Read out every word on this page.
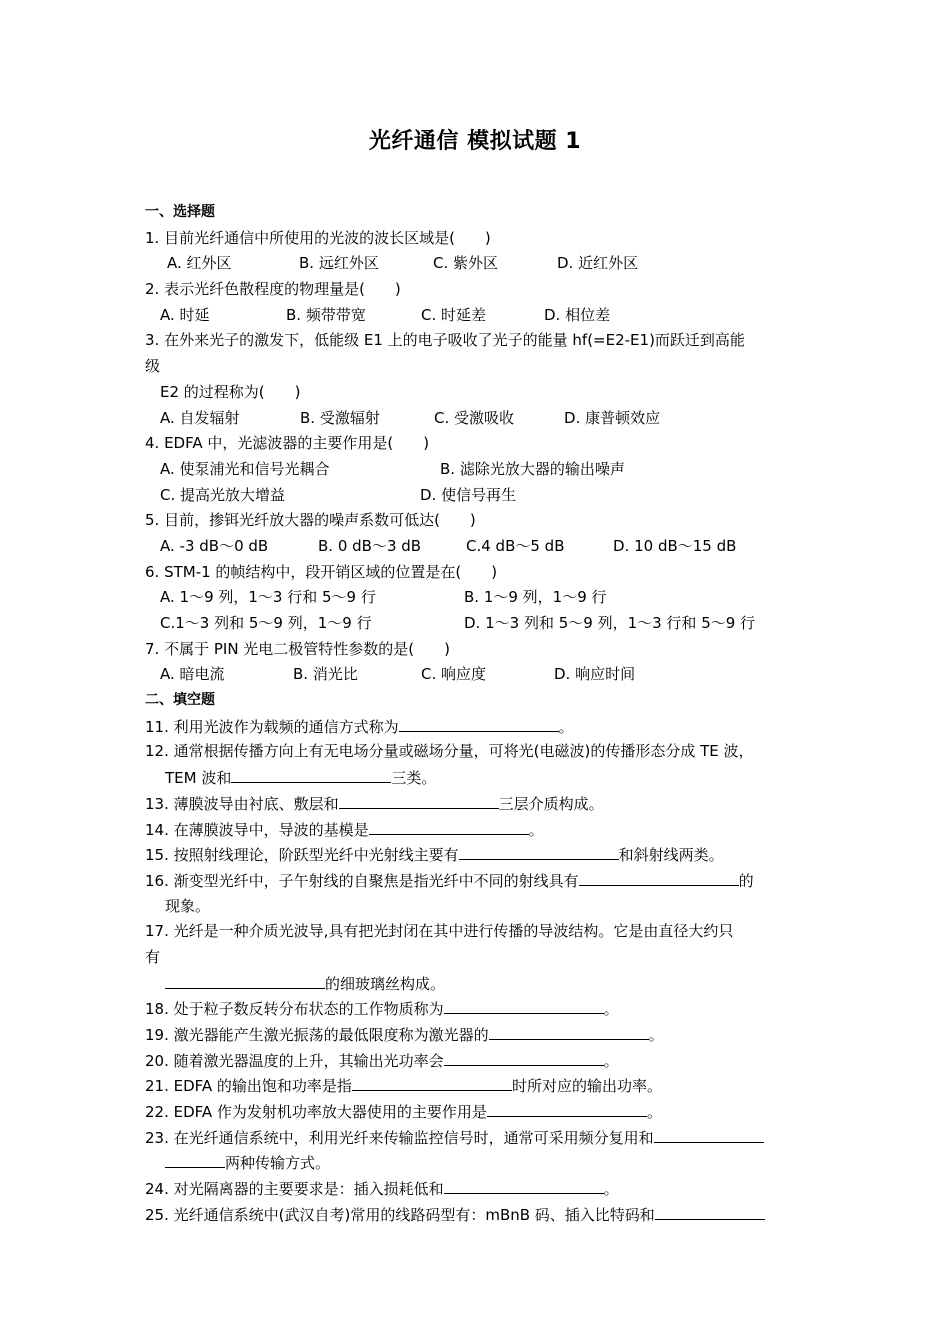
光纤通信 模拟试题 1
一、选择题
1. 目前光纤通信中所使用的光波的波长区域是(　　)
A. 红外区	B. 远红外区	C. 紫外区	D. 近红外区
2. 表示光纤色散程度的物理量是(　　)
A. 时延	B. 频带带宽	C. 时延差	D. 相位差
3. 在外来光子的激发下，低能级 E1 上的电子吸收了光子的能量 hf(=E2-E1)而跃迁到高能
级
E2 的过程称为(　　)
A. 自发辐射	B. 受激辐射	C. 受激吸收	D. 康普顿效应
4. EDFA 中，光滤波器的主要作用是(　　)
A. 使泵浦光和信号光耦合	B. 滤除光放大器的输出噪声
C. 提高光放大增益	D. 使信号再生
5. 目前，掺铒光纤放大器的噪声系数可低达(　　)
A. -3 dB～0 dB	B. 0 dB～3 dB	C.4 dB～5 dB	D. 10 dB～15 dB
6. STM-1 的帧结构中，段开销区域的位置是在(　　)
A. 1～9 列，1～3 行和 5～9 行	B. 1～9 列，1～9 行
C.1～3 列和 5～9 列，1～9 行	D. 1～3 列和 5～9 列，1～3 行和 5～9 行
7. 不属于 PIN 光电二极管特性参数的是(　　)
A. 暗电流	B. 消光比	C. 响应度	D. 响应时间
二、填空题
11. 利用光波作为载频的通信方式称为	。
12. 通常根据传播方向上有无电场分量或磁场分量，可将光(电磁波)的传播形态分成 TE 波，
TEM 波和	三类。
13. 薄膜波导由衬底、敷层和	三层介质构成。
14. 在薄膜波导中，导波的基模是	。
15. 按照射线理论，阶跃型光纤中光射线主要有	和斜射线两类。
16. 渐变型光纤中，子午射线的自聚焦是指光纤中不同的射线具有	的
现象。
17. 光纤是一种介质光波导,具有把光封闭在其中进行传播的导波结构。它是由直径大约只
有
的细玻璃丝构成。
18. 处于粒子数反转分布状态的工作物质称为	。
19. 激光器能产生激光振荡的最低限度称为激光器的	。
20. 随着激光器温度的上升，其输出光功率会	。
21. EDFA 的输出饱和功率是指	时所对应的输出功率。
22. EDFA 作为发射机功率放大器使用的主要作用是	。
23. 在光纤通信系统中，利用光纤来传输监控信号时，通常可采用频分复用和
两种传输方式。
24. 对光隔离器的主要要求是：插入损耗低和	。
25. 光纤通信系统中(武汉自考)常用的线路码型有：mBnB 码、插入比特码和
